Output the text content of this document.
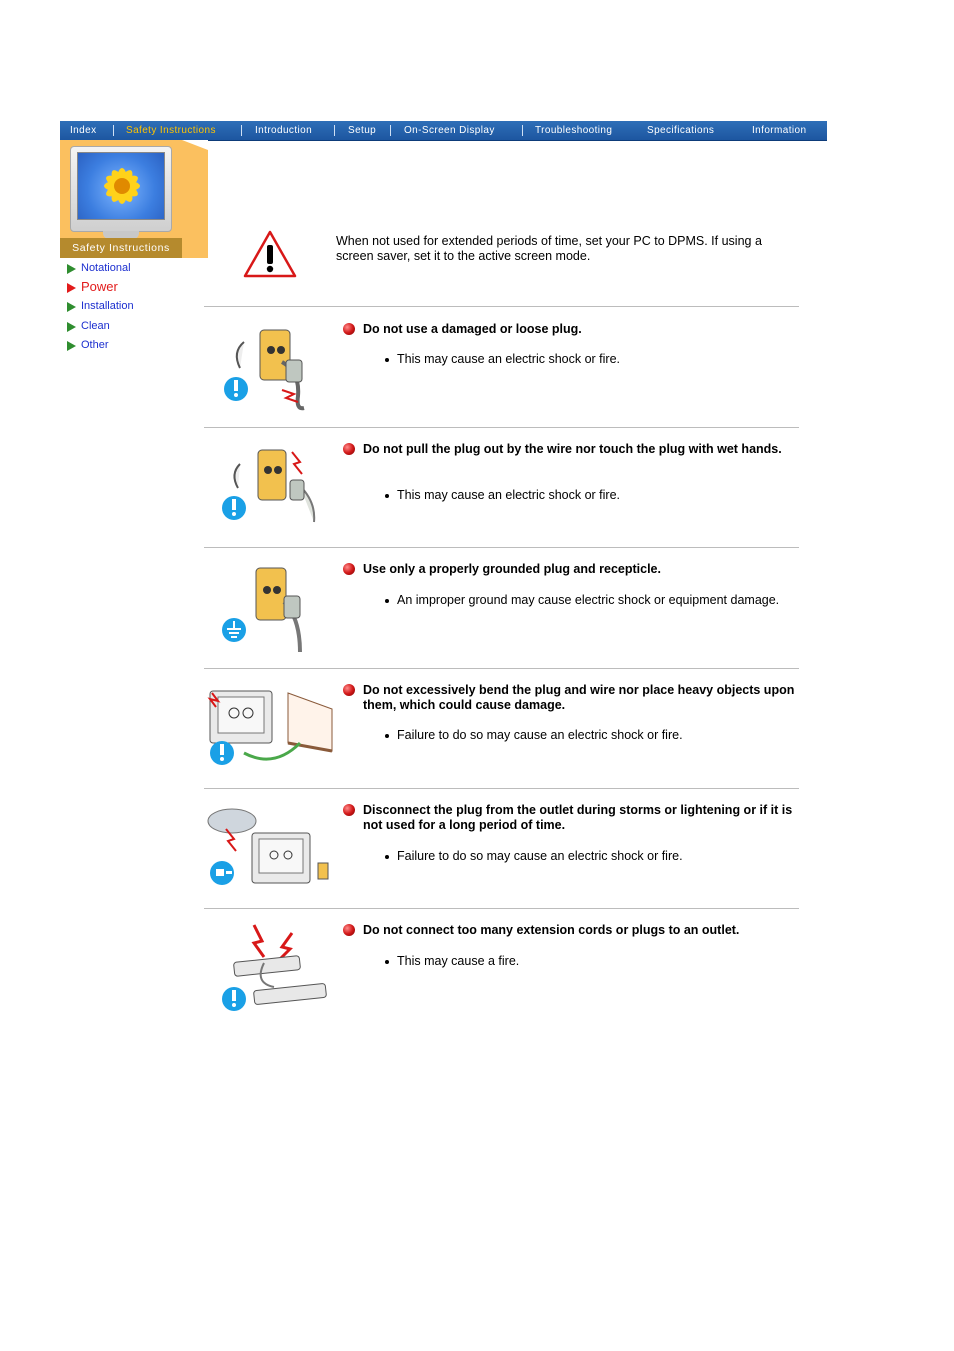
Index	Safety Instructions	Introduction	Setup	On-Screen Display	Troubleshooting	Specifications	Information
Safety Instructions
Notational
Power
Installation
Clean
Other
When not used for extended periods of time, set your PC to DPMS. If using a screen saver, set it to the active screen mode.
Do not use a damaged or loose plug.
This may cause an electric shock or fire.
Do not pull the plug out by the wire nor touch the plug with wet hands.
This may cause an electric shock or fire.
Use only a properly grounded plug and recepticle.
An improper ground may cause electric shock or equipment damage.
Do not excessively bend the plug and wire nor place heavy objects upon them, which could cause damage.
Failure to do so may cause an electric shock or fire.
Disconnect the plug from the outlet during storms or lightening or if it is not used for a long period of time.
Failure to do so may cause an electric shock or fire.
Do not connect too many extension cords or plugs to an outlet.
This may cause a fire.
